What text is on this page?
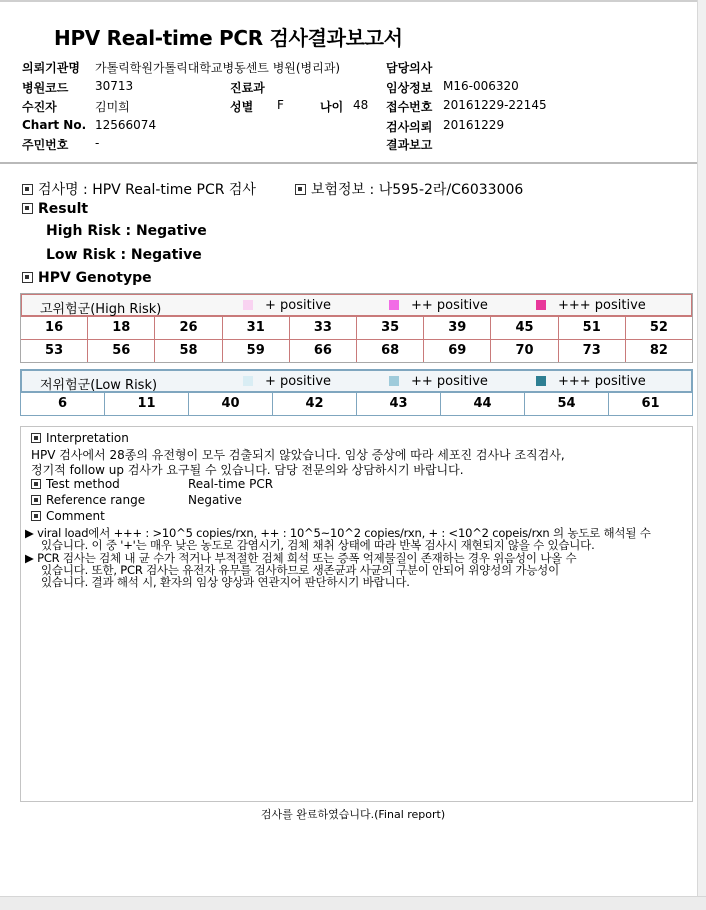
HPV Real-time PCR 검사결과보고서
의뢰기관명 가톨릭학원가톨릭대학교병동센트 병원(병리과)	담당의사
병원코드 30713	진료과	임상정보 M16-006320
수진자	김미희	성별 F	나이 48 접수번호 20161229-22145
Chart No. 12566074	검사의뢰 20161229
주민번호 -	결과보고
검사명 : HPV Real-time PCR 검사	보험정보 : 나595-2라/C6033006
Result
High Risk : Negative
Low Risk : Negative
HPV Genotype
고위험군(High Risk)	+ positive	++ positive	+++ positive
16	18	26	31	33	35	39	45	51	52
53	56	58	59	66	68	69	70	73	82
저위험군(Low Risk)	+ positive	++ positive	+++ positive
6	11	40	42	43	44	54	61
Interpretation
HPV 검사에서 28종의 유전형이 모두 검출되지 않았습니다. 임상 증상에 따라 세포진 검사나 조직검사,
정기적 follow up 검사가 요구될 수 있습니다. 담당 전문의와 상담하시기 바랍니다.
Test method	Real-time PCR
Reference range	Negative
Comment
▶ viral load에서 +++ : >10^5 copies/rxn, ++ : 10^5~10^2 copies/rxn, + : <10^2 copeis/rxn 의 농도로 해석될 수
있습니다. 이 중 '+'는 매우 낮은 농도로 감염시기, 검체 채취 상태에 따라 반복 검사시 재현되지 않을 수 있습니다.
▶ PCR 검사는 검체 내 균 수가 적거나 부적절한 검체 희석 또는 증폭 억제물질이 존재하는 경우 위음성이 나올 수
있습니다. 또한, PCR 검사는 유전자 유무를 검사하므로 생존균과 사균의 구분이 안되어 위양성의 가능성이
있습니다. 결과 해석 시, 환자의 임상 양상과 연관지어 판단하시기 바랍니다.
검사를 완료하였습니다.(Final report)
